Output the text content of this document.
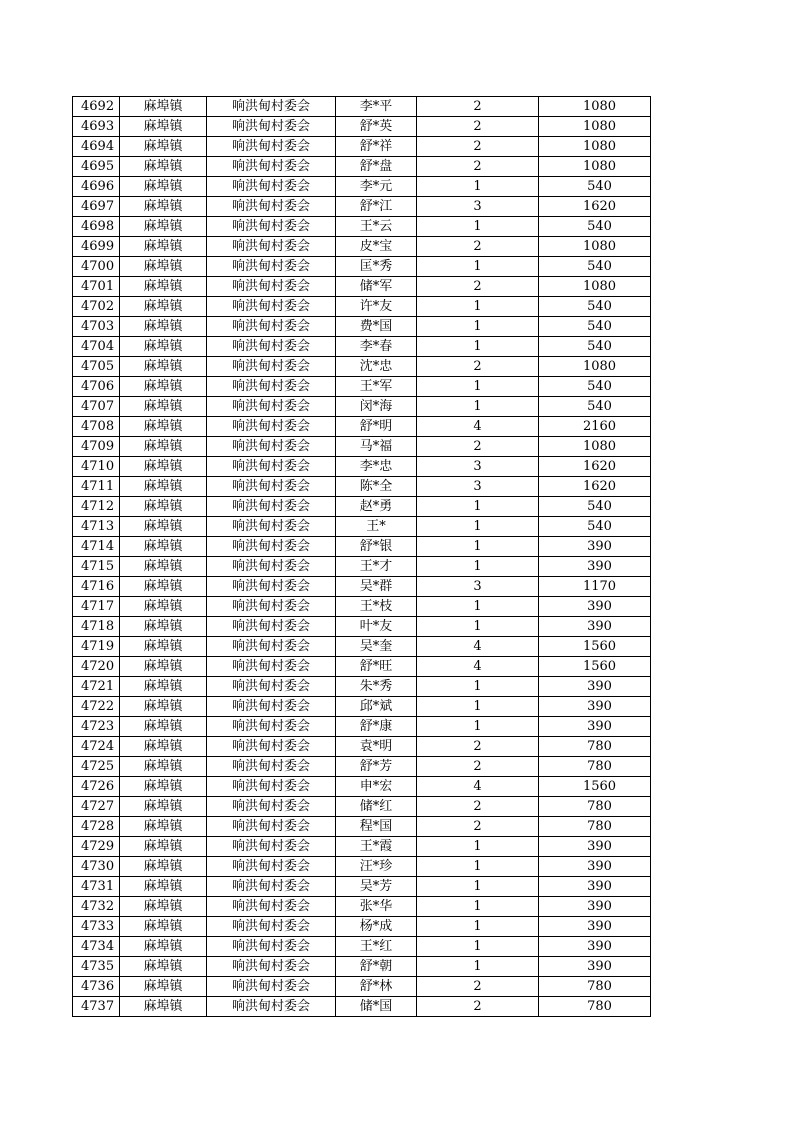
4692	麻埠镇	响洪甸村委会	李*平	2	1080
4693	麻埠镇	响洪甸村委会	舒*英	2	1080
4694	麻埠镇	响洪甸村委会	舒*祥	2	1080
4695	麻埠镇	响洪甸村委会	舒*盘	2	1080
4696	麻埠镇	响洪甸村委会	李*元	1	540
4697	麻埠镇	响洪甸村委会	舒*江	3	1620
4698	麻埠镇	响洪甸村委会	王*云	1	540
4699	麻埠镇	响洪甸村委会	皮*宝	2	1080
4700	麻埠镇	响洪甸村委会	匡*秀	1	540
4701	麻埠镇	响洪甸村委会	储*军	2	1080
4702	麻埠镇	响洪甸村委会	许*友	1	540
4703	麻埠镇	响洪甸村委会	费*国	1	540
4704	麻埠镇	响洪甸村委会	李*春	1	540
4705	麻埠镇	响洪甸村委会	沈*忠	2	1080
4706	麻埠镇	响洪甸村委会	王*军	1	540
4707	麻埠镇	响洪甸村委会	闵*海	1	540
4708	麻埠镇	响洪甸村委会	舒*明	4	2160
4709	麻埠镇	响洪甸村委会	马*福	2	1080
4710	麻埠镇	响洪甸村委会	李*忠	3	1620
4711	麻埠镇	响洪甸村委会	陈*全	3	1620
4712	麻埠镇	响洪甸村委会	赵*勇	1	540
4713	麻埠镇	响洪甸村委会	王*	1	540
4714	麻埠镇	响洪甸村委会	舒*银	1	390
4715	麻埠镇	响洪甸村委会	王*才	1	390
4716	麻埠镇	响洪甸村委会	吴*群	3	1170
4717	麻埠镇	响洪甸村委会	王*枝	1	390
4718	麻埠镇	响洪甸村委会	叶*友	1	390
4719	麻埠镇	响洪甸村委会	吴*奎	4	1560
4720	麻埠镇	响洪甸村委会	舒*旺	4	1560
4721	麻埠镇	响洪甸村委会	朱*秀	1	390
4722	麻埠镇	响洪甸村委会	邱*斌	1	390
4723	麻埠镇	响洪甸村委会	舒*康	1	390
4724	麻埠镇	响洪甸村委会	袁*明	2	780
4725	麻埠镇	响洪甸村委会	舒*芳	2	780
4726	麻埠镇	响洪甸村委会	申*宏	4	1560
4727	麻埠镇	响洪甸村委会	储*红	2	780
4728	麻埠镇	响洪甸村委会	程*国	2	780
4729	麻埠镇	响洪甸村委会	王*霞	1	390
4730	麻埠镇	响洪甸村委会	汪*珍	1	390
4731	麻埠镇	响洪甸村委会	吴*芳	1	390
4732	麻埠镇	响洪甸村委会	张*华	1	390
4733	麻埠镇	响洪甸村委会	杨*成	1	390
4734	麻埠镇	响洪甸村委会	王*红	1	390
4735	麻埠镇	响洪甸村委会	舒*朝	1	390
4736	麻埠镇	响洪甸村委会	舒*林	2	780
4737	麻埠镇	响洪甸村委会	储*国	2	780
